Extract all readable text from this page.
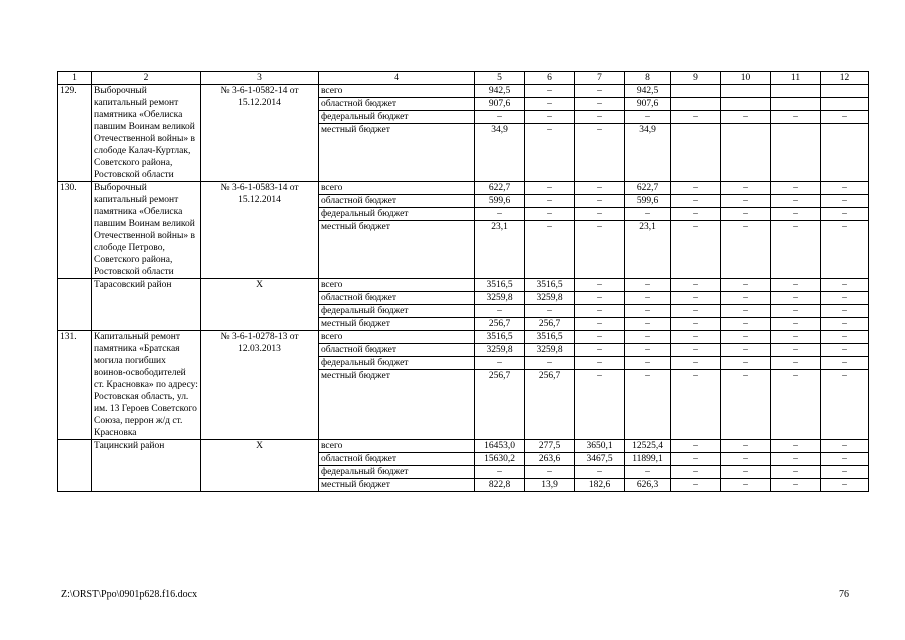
1	2	3	4	5	6	7	8	9	10	11	12
129.	Выборочный капитальный ремонт памятника «Обелиска павшим Воинам великой Отечественной войны» в слободе Калач-Куртлак, Советского района, Ростовской области	№ 3-6-1-0582-14 от 15.12.2014	всего	942,5	–	–	942,5				
			областной бюджет	907,6	–	–	907,6				
			федеральный бюджет	–	–	–	–	–	–	–	–
			местный бюджет	34,9	–	–	34,9				
130.	Выборочный капитальный ремонт памятника «Обелиска павшим Воинам великой Отечественной войны» в слободе Петрово, Советского района, Ростовской области	№ 3-6-1-0583-14 от 15.12.2014	всего	622,7	–	–	622,7	–	–	–	–
			областной бюджет	599,6	–	–	599,6	–	–	–	–
			федеральный бюджет	–	–	–	–	–	–	–	–
			местный бюджет	23,1	–	–	23,1	–	–	–	–
	Тарасовский район	X	всего	3516,5	3516,5	–	–	–	–	–	–
			областной бюджет	3259,8	3259,8	–	–	–	–	–	–
			федеральный бюджет	–	–	–	–	–	–	–	–
			местный бюджет	256,7	256,7	–	–	–	–	–	–
131.	Капитальный ремонт памятника «Братская могила погибших воинов-освободителей ст. Красновка» по адресу: Ростовская область, ул. им. 13 Героев Советского Союза, перрон ж/д ст. Красновка	№ 3-6-1-0278-13 от 12.03.2013	всего	3516,5	3516,5	–	–	–	–	–	–
			областной бюджет	3259,8	3259,8	–	–	–	–	–	–
			федеральный бюджет	–	–	–	–	–	–	–	–
			местный бюджет	256,7	256,7	–	–	–	–	–	–
	Тацинский район	X	всего	16453,0	277,5	3650,1	12525,4	–	–	–	–
			областной бюджет	15630,2	263,6	3467,5	11899,1	–	–	–	–
			федеральный бюджет	–	–	–	–	–	–	–	–
			местный бюджет	822,8	13,9	182,6	626,3	–	–	–	–
Z:\ORST\Ppo\0901p628.f16.docx	76
